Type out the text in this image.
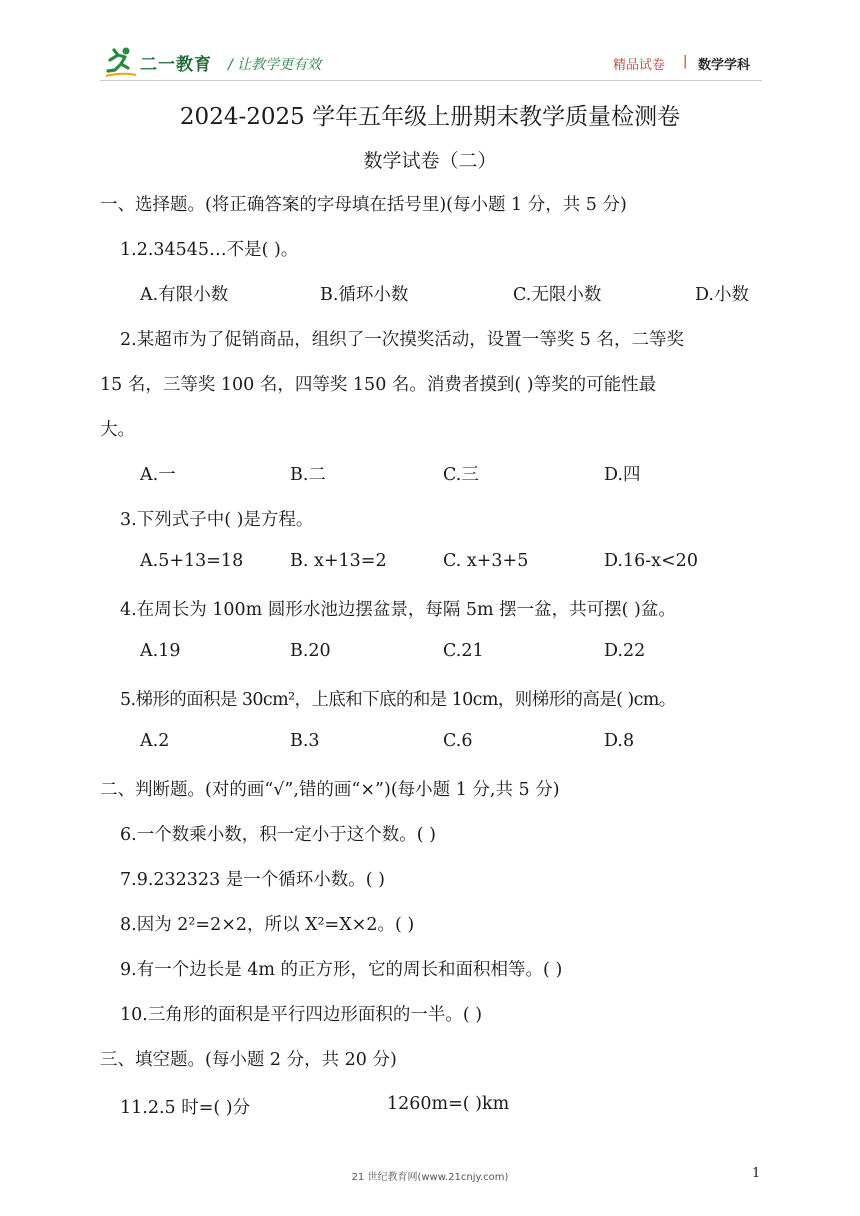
二一教育 / 让教学更有效	精品试卷 | 数学学科
2024-2025 学年五年级上册期末教学质量检测卷
数学试卷（二）
一、选择题。(将正确答案的字母填在括号里)(每小题 1 分，共 5 分)
1.2.34545…不是( )。
A.有限小数	B.循环小数	C.无限小数	D.小数
2.某超市为了促销商品，组织了一次摸奖活动，设置一等奖 5 名，二等奖
15 名，三等奖 100 名，四等奖 150 名。消费者摸到( )等奖的可能性最
大。
A.一	B.二	C.三	D.四
3.下列式子中( )是方程。
A.5+13=18	B. x+13=2	C. x+3+5	D.16-x<20
4.在周长为 100m 圆形水池边摆盆景，每隔 5m 摆一盆，共可摆( )盆。
A.19	B.20	C.21	D.22
5.梯形的面积是 30cm²，上底和下底的和是 10cm，则梯形的高是( )cm。
A.2	B.3	C.6	D.8
二、判断题。(对的画“√”,错的画“×”)(每小题 1 分,共 5 分)
6.一个数乘小数，积一定小于这个数。( )
7.9.232323 是一个循环小数。( )
8.因为 2²=2×2，所以 X²=X×2。( )
9.有一个边长是 4m 的正方形，它的周长和面积相等。( )
10.三角形的面积是平行四边形面积的一半。( )
三、填空题。(每小题 2 分，共 20 分)
11.2.5 时=( )分	1260m=( )km
21 世纪教育网(www.21cnjy.com)	1
